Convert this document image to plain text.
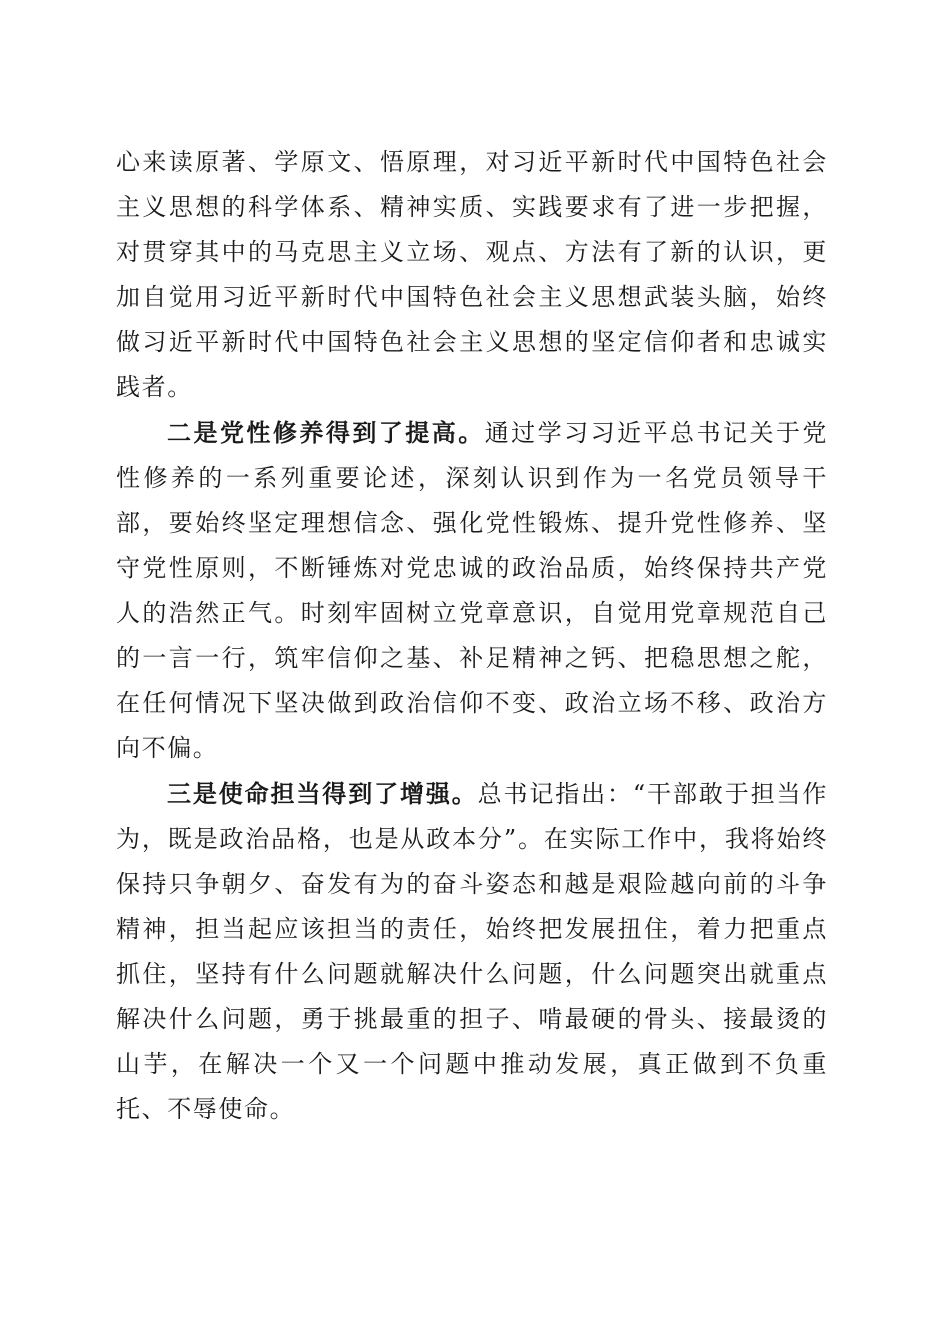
心来读原著、学原文、悟原理，对习近平新时代中国特色社会主义思想的科学体系、精神实质、实践要求有了进一步把握，对贯穿其中的马克思主义立场、观点、方法有了新的认识，更加自觉用习近平新时代中国特色社会主义思想武装头脑，始终做习近平新时代中国特色社会主义思想的坚定信仰者和忠诚实践者。

二是党性修养得到了提高。通过学习习近平总书记关于党性修养的一系列重要论述，深刻认识到作为一名党员领导干部，要始终坚定理想信念、强化党性锻炼、提升党性修养、坚守党性原则，不断锤炼对党忠诚的政治品质，始终保持共产党人的浩然正气。时刻牢固树立党章意识，自觉用党章规范自己的一言一行，筑牢信仰之基、补足精神之钙、把稳思想之舵，在任何情况下坚决做到政治信仰不变、政治立场不移、政治方向不偏。

三是使命担当得到了增强。总书记指出：“干部敢于担当作为，既是政治品格，也是从政本分”。在实际工作中，我将始终保持只争朝夕、奋发有为的奋斗姿态和越是艰险越向前的斗争精神，担当起应该担当的责任，始终把发展扭住，着力把重点抓住，坚持有什么问题就解决什么问题，什么问题突出就重点解决什么问题，勇于挑最重的担子、啃最硬的骨头、接最烫的山芋，在解决一个又一个问题中推动发展，真正做到不负重托、不辱使命。
